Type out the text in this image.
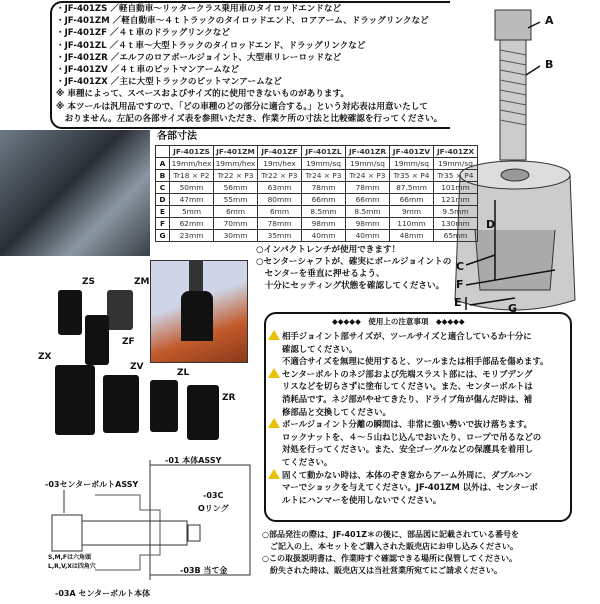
・JF-401ZS ／軽自動車～リッタークラス乗用車のタイロッドエンドなど
・JF-401ZM ／軽自動車～４ｔトラックのタイロッドエンド、ロアアーム、ドラッグリンクなど
・JF-401ZF ／４ｔ車のドラッグリンクなど
・JF-401ZL ／４ｔ車～大型トラックのタイロッドエンド、ドラッグリンクなど
・JF-401ZR ／エルフのロアボールジョイント、大型車リレーロッドなど
・JF-401ZV ／４ｔ車のピットマンアームなど
・JF-401ZX ／主に大型トラックのピットマンアームなど
※ 車種によって、スペースおよびサイズ的に使用できないものがあります。
※ 本ツールは汎用品ですので、「どの車種のどの部分に適合する。」という対応表は用意いたして
　おりません。左記の各部サイズ表を参照いただき、作業ケ所の寸法と比較確認を行ってください。
A
B
C
D
F
E	G
各部寸法
	JF-401ZS	JF-401ZM	JF-401ZF	JF-401ZL	JF-401ZR	JF-401ZV	JF-401ZX
A	19mm/hex	19mm/hex	19m/hex	19mm/sq	19mm/sq	19mm/sq	19mm/sq
B	Tr18 × P2	Tr22 × P3	Tr22 × P3	Tr24 × P3	Tr24 × P3	Tr35 × P4	Tr35 × P4
C	50mm	56mm	63mm	78mm	78mm	87.5mm	101mm
D	47mm	55mm	80mm	66mm	66mm	66mm	121mm
E	5mm	6mm	6mm	8.5mm	8.5mm	9mm	9.5mm
F	62mm	70mm	78mm	98mm	98mm	110mm	130mm
G	23mm	30mm	35mm	40mm	40mm	48mm	65mm
○インパクトレンチが使用できます！
○センターシャフトが、確実にボールジョイントの
　センターを垂直に押せるよう、
　十分にセッティング状態を確認してください。
ZS	ZM
ZF
ZX
ZV
ZL
ZR
◆◆◆◆◆　使用上の注意事項　◆◆◆◆◆
相手ジョイント部サイズが、ツールサイズと適合しているか十分に
確認してください。
不適合サイズを無理に使用すると、ツールまたは相手部品を傷めます。
センターボルトのネジ部および先端スラスト部には、モリブデング
リスなどを切らさずに塗布してください。また、センターボルトは
消耗品です。ネジ部がやせてきたり、ドライブ角が傷んだ時は、補
修部品と交換してください。
ボールジョイント分離の瞬間は、非常に強い勢いで抜け落ちます。
ロックナットを、４～５山ねじ込んでおいたり、ロープで吊るなどの
対処を行ってください。また、安全ゴーグルなどの保護具を着用し
てください。
固くて動かない時は、本体のぞき窓からアーム外周に、ダブルハン
マーでショックを与えてください。JF-401ZM 以外は、センターボ
ルトにハンマーを使用しないでください。
○部品発注の際は、JF-401Z＊の後に、部品図に記載されている番号を
　ご記入の上、本セットをご購入された販売店にお申し込みください。
○この取扱説明書は、作業時すぐ確認できる場所に保管してください。
　紛失された時は、販売店又は当社営業所宛てにご請求ください。
-01 本体ASSY
-03センターボルトASSY
-03C
Oリング
S,M,Fは六角頭
L,R,V,Xは四角穴	-03B 当て金
-03A センターボルト本体
